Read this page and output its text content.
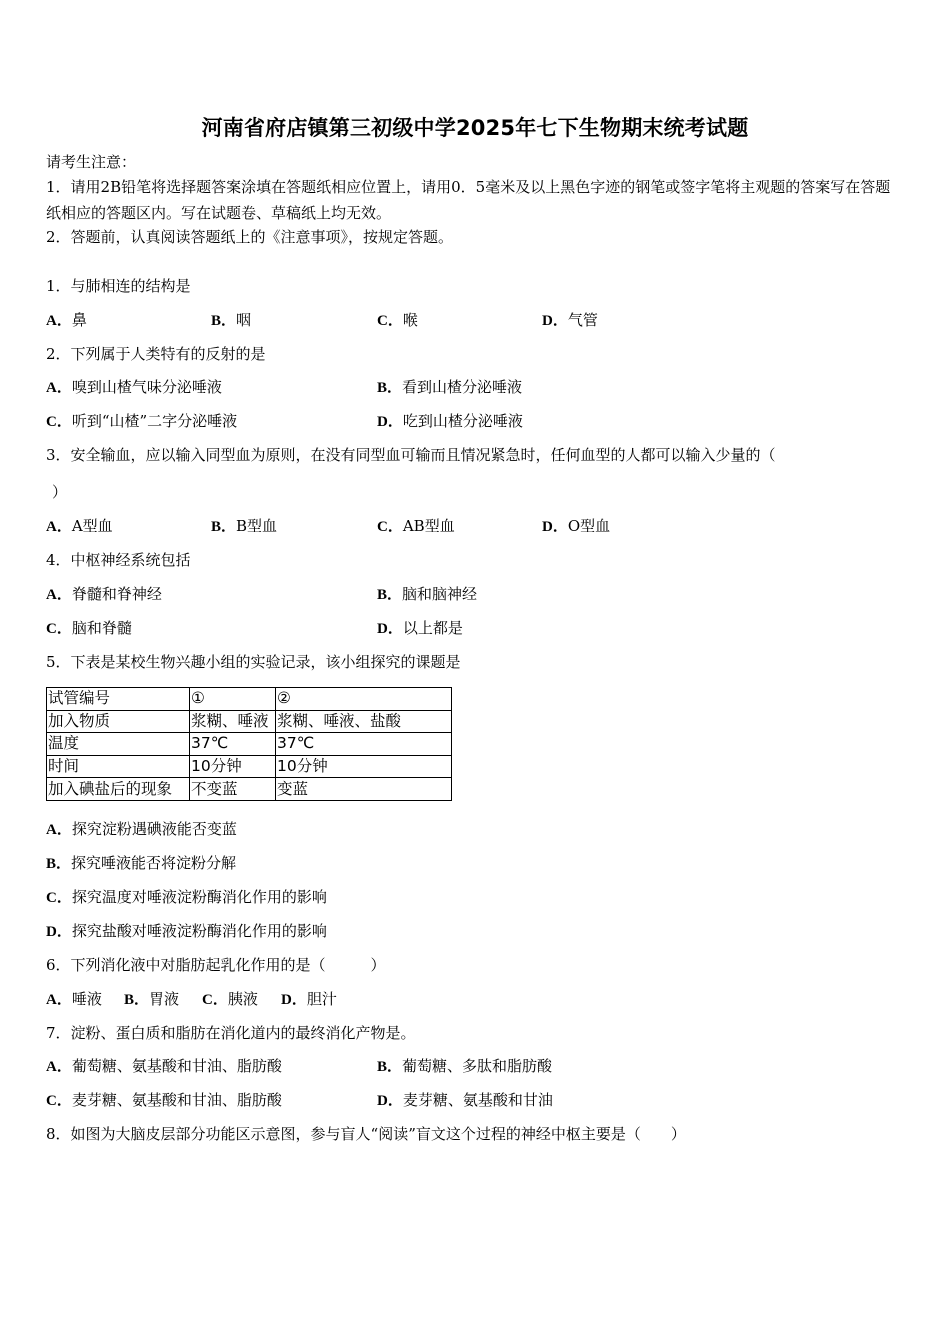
河南省府店镇第三初级中学2025年七下生物期末统考试题
请考生注意：
1．请用2B铅笔将选择题答案涂填在答题纸相应位置上，请用0．5毫米及以上黑色字迹的钢笔或签字笔将主观题的答案写在答题纸相应的答题区内。写在试题卷、草稿纸上均无效。
2．答题前，认真阅读答题纸上的《注意事项》，按规定答题。
1．与肺相连的结构是
A．鼻	B．咽	C．喉	D．气管
2．下列属于人类特有的反射的是
A．嗅到山楂气味分泌唾液	B．看到山楂分泌唾液
C．听到“山楂”二字分泌唾液	D．吃到山楂分泌唾液
3．安全输血，应以输入同型血为原则，在没有同型血可输而且情况紧急时，任何血型的人都可以输入少量的（
）
A．A型血	B．B型血	C．AB型血	D．O型血
4．中枢神经系统包括
A．脊髓和脊神经	B．脑和脑神经
C．脑和脊髓	D．以上都是
5．下表是某校生物兴趣小组的实验记录，该小组探究的课题是
试管编号	①	②
加入物质	浆糊、唾液	浆糊、唾液、盐酸
温度	37℃	37℃
时间	10分钟	10分钟
加入碘盐后的现象	不变蓝	变蓝
A．探究淀粉遇碘液能否变蓝
B．探究唾液能否将淀粉分解
C．探究温度对唾液淀粉酶消化作用的影响
D．探究盐酸对唾液淀粉酶消化作用的影响
6．下列消化液中对脂肪起乳化作用的是（　　　）
A．唾液 B．胃液 C．胰液 D．胆汁
7．淀粉、蛋白质和脂肪在消化道内的最终消化产物是。
A．葡萄糖、氨基酸和甘油、脂肪酸	B．葡萄糖、多肽和脂肪酸
C．麦芽糖、氨基酸和甘油、脂肪酸	D．麦芽糖、氨基酸和甘油
8．如图为大脑皮层部分功能区示意图，参与盲人“阅读”盲文这个过程的神经中枢主要是（　　）
